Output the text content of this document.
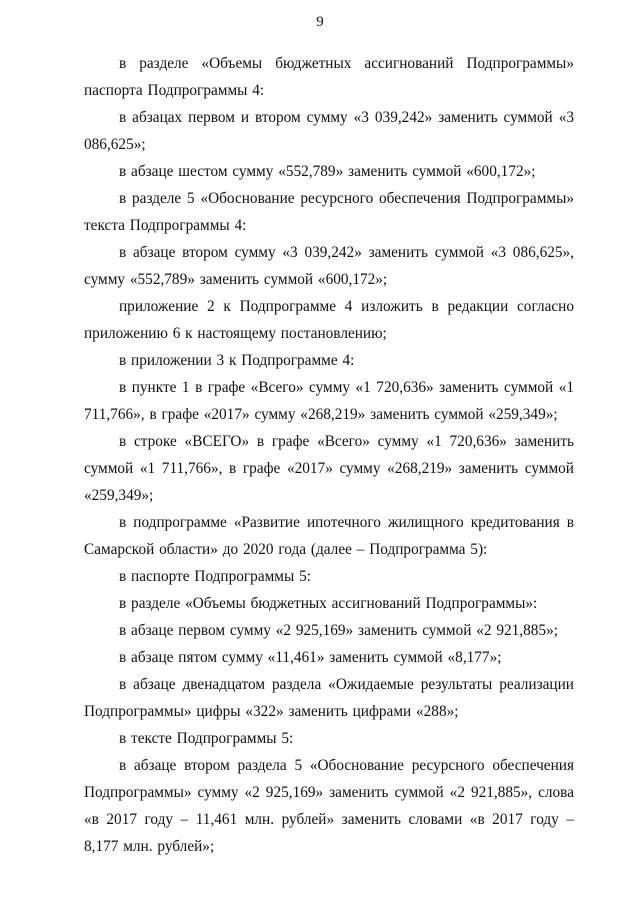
9

в разделе «Объемы бюджетных ассигнований Подпрограммы» паспорта Подпрограммы 4:

в абзацах первом и втором сумму «3 039,242» заменить суммой «3 086,625»;

в абзаце шестом сумму «552,789» заменить суммой «600,172»;

в разделе 5 «Обоснование ресурсного обеспечения Подпрограммы» текста Подпрограммы 4:

в абзаце втором сумму «3 039,242» заменить суммой «3 086,625», сумму «552,789» заменить суммой «600,172»;

приложение 2 к Подпрограмме 4 изложить в редакции согласно приложению 6 к настоящему постановлению;

в приложении 3 к Подпрограмме 4:

в пункте 1 в графе «Всего» сумму «1 720,636» заменить суммой «1 711,766», в графе «2017» сумму «268,219» заменить суммой «259,349»;

в строке «ВСЕГО» в графе «Всего» сумму «1 720,636» заменить суммой «1 711,766», в графе «2017» сумму «268,219» заменить суммой «259,349»;

в подпрограмме «Развитие ипотечного жилищного кредитования в Самарской области» до 2020 года (далее – Подпрограмма 5):

в паспорте Подпрограммы 5:

в разделе «Объемы бюджетных ассигнований Подпрограммы»:

в абзаце первом сумму «2 925,169» заменить суммой «2 921,885»;

в абзаце пятом сумму «11,461» заменить суммой «8,177»;

в абзаце двенадцатом раздела «Ожидаемые результаты реализации Подпрограммы» цифры «322» заменить цифрами «288»;

в тексте Подпрограммы 5:

в абзаце втором раздела 5 «Обоснование ресурсного обеспечения Подпрограммы» сумму «2 925,169» заменить суммой «2 921,885», слова «в 2017 году – 11,461 млн. рублей» заменить словами «в 2017 году – 8,177 млн. рублей»;
